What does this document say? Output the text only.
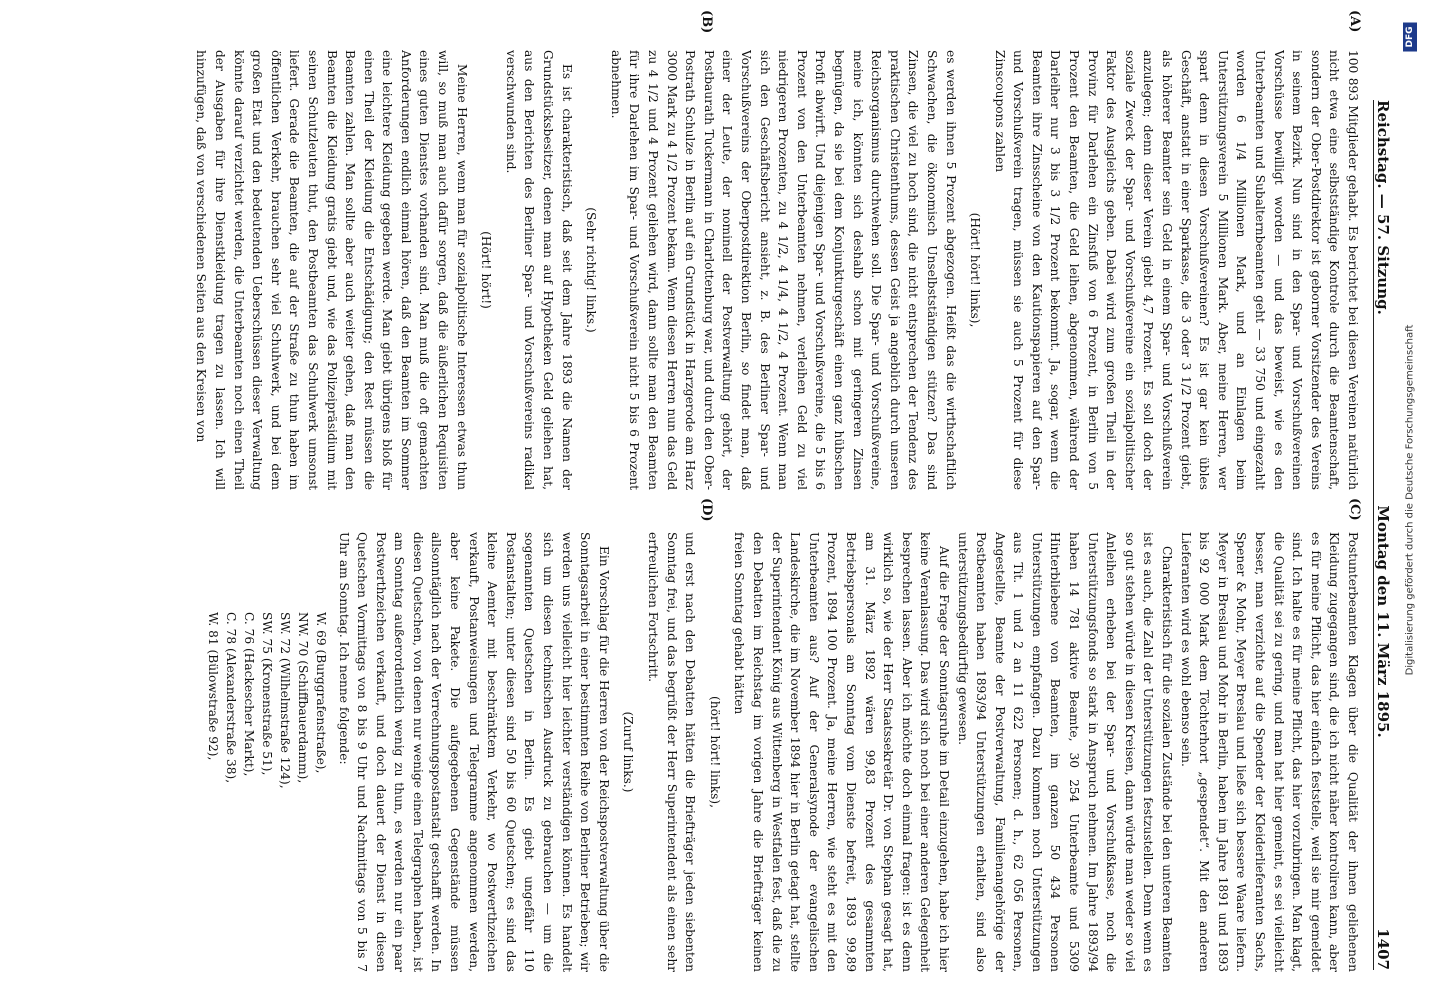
DFG
Digitalisierung gefördert durch die Deutsche Forschungsgemeinschaft
Reichstag. — 57. Sitzung.
Montag den 11. März 1895.
1407
(A)
(B)
(C)
(D)

100 893 Mitglieder gehabt. Es berichtet bei diesen Vereinen natürlich nicht etwa eine selbstständige Kontrole durch die Beamtenschaft, sondern der Ober-Postdirektor ist geborner Vorsitzender des Vereins in seinem Bezirk. Nun sind in den Spar- und Vorschußvereinen Vorschüsse bewilligt worden — und das beweist, wie es den Unterbeamten und Subalternbeamten geht — 33 750 und eingezahlt worden 6 1/4 Millionen Mark, und an Einlagen beim Unterstützungsverein 5 Millionen Mark. Aber, meine Herren, wer spart denn in diesen Vorschußvereinen? Es ist gar kein übles Geschäft, anstatt in einer Sparkasse, die 3 oder 3 1/2 Prozent giebt, als höherer Beamter sein Geld in einem Spar- und Vorschußverein anzulegen; denn dieser Verein giebt 4,7 Prozent. Es soll doch der soziale Zweck der Spar- und Vorschußvereine ein sozialpolitischer Faktor des Ausgleichs geben. Dabei wird zum großen Theil in der Provinz für Darlehen ein Zinsfuß von 6 Prozent, in Berlin von 5 Prozent den Beamten, die Geld leihen, abgenommen, während der Darleiher nur 3 bis 3 1/2 Prozent bekommt. Ja, sogar, wenn die Beamten ihre Zinsscheine von den Kautionspapieren auf den Spar- und Vorschußverein tragen, müssen sie auch 5 Prozent für diese Zinscoupons zahlen

(Hört! hört! links),

es werden ihnen 5 Prozent abgezogen. Heißt das die wirthschaftlich Schwachen, die ökonomisch Unselbstständigen stützen? Das sind Zinsen, die viel zu hoch sind, die nicht entsprechen der Tendenz des praktischen Christenthums, dessen Geist ja angeblich durch unseren Reichsorganismus durchwehen soll. Die Spar- und Vorschußvereine, meine ich, könnten sich deshalb schon mit geringeren Zinsen begnügen, da sie bei dem Konjunkturgeschäft einen ganz hübschen Profit abwirft. Und diejenigen Spar- und Vorschußvereine, die 5 bis 6 Prozent von den Unterbeamten nehmen, verleihen Geld zu viel niedrigeren Prozenten, zu 4 1/2, 4 1/4, 4 1/2, 4 Prozent. Wenn man sich den Geschäftsbericht ansieht, z. B. des Berliner Spar- und Vorschußvereins der Oberpostdirektion Berlin, so findet man, daß einer der Leute, der nominell der Postverwaltung gehört, der Postbaurath Tuckermann in Charlottenburg war, und durch den Ober-Postrath Schulze in Berlin auf ein Grundstück in Harzgerode am Harz 3000 Mark zu 4 1/2 Prozent bekam. Wenn diesen Herren nun das Geld zu 4 1/2 und 4 Prozent geliehen wird, dann sollte man den Beamten für ihre Darlehen im Spar- und Vorschußverein nicht 5 bis 6 Prozent abnehmen.

(Sehr richtig! links.)

Es ist charakteristisch, daß seit dem Jahre 1893 die Namen der Grundstücksbesitzer, denen man auf Hypotheken Geld geliehen hat, aus den Berichten des Berliner Spar- und Vorschußvereins radikal verschwunden sind.

(Hört! hört!)

Meine Herren, wenn man für sozialpolitische Interessen etwas thun will, so muß man auch dafür sorgen, daß die äußerlichen Requisiten eines guten Dienstes vorhanden sind. Man muß die oft gemachten Anforderungen endlich einmal hören, daß den Beamten im Sommer eine leichtere Kleidung gegeben werde. Man giebt übrigens bloß für einen Theil der Kleidung die Entschädigung; den Rest müssen die Beamten zahlen. Man sollte aber auch weiter gehen, daß man den Beamten die Kleidung gratis giebt und, wie das Polizeipräsidium mit seinen Schutzleuten thut, den Postbeamten das Schuhwerk umsonst liefert. Gerade die Beamten, die auf der Straße zu thun haben im öffentlichen Verkehr, brauchen sehr viel Schuhwerk, und bei dem großen Etat und den bedeutenden Ueberschüssen dieser Verwaltung könnte darauf verzichtet werden, die Unterbeamten noch einen Theil der Ausgaben für ihre Dienstkleidung tragen zu lassen. Ich will hinzufügen, daß von verschiedenen Seiten aus den Kreisen von

Postunterbeamten Klagen über die Qualität der ihnen geliehenen Kleidung zugegangen sind, die ich nicht näher kontroliren kann, aber es für meine Pflicht, das hier einfach feststelle, weil sie mir gemeldet sind. Ich halte es für meine Pflicht, das hier vorzubringen. Man klagt, die Qualität sei zu gering, und man hat hier gemeint, es sei vielleicht besser, man verzichte auf die Spender der Kleiderlieferanten Sachs, Spener & Mohr, Meyer Breslau und ließe sich bessere Waare liefern. Meyer in Breslau und Mohr in Berlin, haben im Jahre 1891 und 1893 bis 92 000 Mark dem Töchterhort „gespendet“. Mit den anderen Lieferanten wird es wohl ebenso sein.

Charakteristisch für die sozialen Zustände bei den unteren Beamten ist es auch, die Zahl der Unterstützungen festzustellen. Denn wenn es so gut stehen würde in diesen Kreisen, dann würde man weder so viel Anleihen erheben bei der Spar- und Vorschußkasse, noch die Unterstützungsfonds so stark in Anspruch nehmen. Im Jahre 1893/94 haben 14 781 aktive Beamte, 30 254 Unterbeamte und 5309 Hinterbliebene von Beamten, im ganzen 50 434 Personen Unterstützungen empfangen. Dazu kommen noch Unterstützungen aus Tit. 1 und 2 an 11 622 Personen; d. h., 62 056 Personen, Angestellte, Beamte der Postverwaltung, Familienangehörige der Postbeamten haben 1893/94 Unterstützungen erhalten, sind also unterstützungsbedürftig gewesen.

Auf die Frage der Sonntagsruhe im Detail einzugehen, habe ich hier keine Veranlassung. Das wird sich noch bei einer anderen Gelegenheit besprechen lassen. Aber ich möchte doch einmal fragen: ist es denn wirklich so, wie der Herr Staatssekretär Dr. von Stephan gesagt hat, am 31. März 1892 wären 99,83 Prozent des gesammten Betriebspersonals am Sonntag vom Dienste befreit, 1893 99,89 Prozent, 1894 100 Prozent. Ja, meine Herren, wie steht es mit den Unterbeamten aus? Auf der Generalsynode der evangelischen Landeskirche, die im November 1894 hier in Berlin getagt hat, stellte der Superintendent König aus Wittenberg in Westfalen fest, daß die zu den Debatten im Reichstag im vorigen Jahre die Briefträger keinen freien Sonntag gehabt hätten

(hört! hört! links),

und erst nach den Debatten hätten die Briefträger jeden siebenten Sonntag frei, und das begrüßt der Herr Superintendent als einen sehr erfreulichen Fortschritt.

(Zuruf links.)

Ein Vorschlag für die Herren von der Reichspostverwaltung über die Sonntagsarbeit in einer bestimmten Reihe von Berliner Betrieben; wir werden uns vielleicht hier leichter verständigen können. Es handelt sich um diesen technischen Ausdruck zu gebrauchen — um die sogenannten Quetschen in Berlin. Es giebt ungefähr 110 Postanstalten; unter diesen sind 50 bis 60 Quetschen; es sind das kleine Aemter mit beschränktem Verkehr, wo Postwerthzeichen verkauft, Postanweisungen und Telegramme angenommen werden, aber keine Pakete. Die aufgegebenen Gegenstände müssen allsonntäglich nach der Verrechnungspostanstalt geschafft werden. In diesen Quetschen, von denen nur wenige einen Telegraphen haben, ist am Sonntag außerordentlich wenig zu thun, es werden nur ein paar Postwerthzeichen verkauft, und doch dauert der Dienst in diesen Quetschen Vormittags von 8 bis 9 Uhr und Nachmittags von 5 bis 7 Uhr am Sonntag. Ich nenne folgende:

W. 69 (Burggrafenstraße),
NW. 70 (Schiffbauerdamm),
SW. 72 (Wilhelmstraße 124),
SW. 75 (Kronenstraße 51),
C. 76 (Hackescher Markt),
C. 78 (Alexanderstraße 38),
W. 81 (Bülowstraße 92),
